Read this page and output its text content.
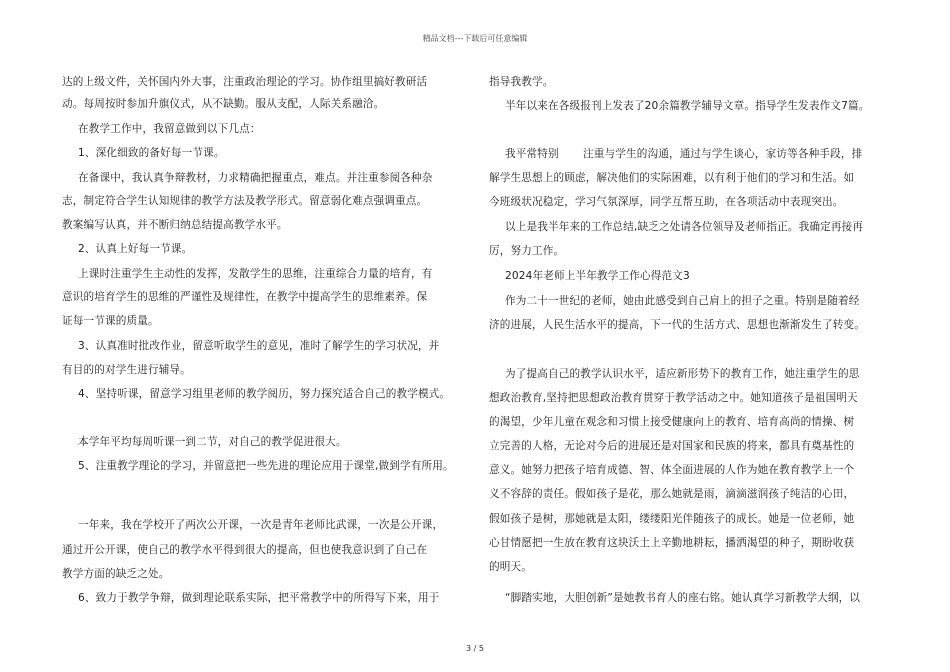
精品文档---下载后可任意编辑
达的上级文件，关怀国内外大事，注重政治理论的学习。协作组里搞好教研活
动。每周按时参加升旗仪式，从不缺勤。服从支配，人际关系融洽。
在教学工作中，我留意做到以下几点：
1、深化细致的备好每一节课。
在备课中，我认真争辩教材，力求精确把握重点，难点。并注重参阅各种杂
志，制定符合学生认知规律的教学方法及教学形式。留意弱化难点强调重点。
教案编写认真，并不断归纳总结提高教学水平。
2、认真上好每一节课。
上课时注重学生主动性的发挥，发散学生的思维，注重综合力量的培育，有
意识的培育学生的思维的严谨性及规律性，在教学中提高学生的思维素养。保
证每一节课的质量。
3、认真准时批改作业，留意听取学生的意见，准时了解学生的学习状况，并
有目的的对学生进行辅导。
4、坚持听课，留意学习组里老师的教学阅历，努力探究适合自己的教学模式。
本学年平均每周听课一到二节，对自己的教学促进很大。
5、注重教学理论的学习，并留意把一些先进的理论应用于课堂,做到学有所用。
一年来，我在学校开了两次公开课，一次是青年老师比武课，一次是公开课，
通过开公开课，使自己的教学水平得到很大的提高，但也使我意识到了自己在
教学方面的缺乏之处。
6、致力于教学争辩，做到理论联系实际，把平常教学中的所得写下来，用于
指导我教学。
半年以来在各级报刊上发表了20余篇教学辅导文章。指导学生发表作文7篇。
我平常特别 注重与学生的沟通，通过与学生谈心，家访等各种手段，排
解学生思想上的顾虑，解决他们的实际困难，以有利于他们的学习和生活。如
今班级状况稳定，学习气氛深厚，同学互帮互助，在各项活动中表现突出。
以上是我半年来的工作总结,缺乏之处请各位领导及老师指正。我确定再接再
厉，努力工作。
2024年老师上半年教学工作心得范文3
作为二十一世纪的老师，她由此感受到自己肩上的担子之重。特别是随着经
济的进展，人民生活水平的提高，下一代的生活方式、思想也渐渐发生了转变。
为了提高自己的教学认识水平，适应新形势下的教育工作，她注重学生的思
想政治教育,坚持把思想政治教育贯穿于教学活动之中。她知道孩子是祖国明天
的渴望，少年儿童在观念和习惯上接受健康向上的教育、培育高尚的情操、树
立完善的人格，无论对今后的进展还是对国家和民族的将来，都具有奠基性的
意义。她努力把孩子培育成德、智、体全面进展的人作为她在教育教学上一个
义不容辞的责任。假如孩子是花，那么她就是雨，滴滴滋润孩子纯洁的心田，
假如孩子是树，那她就是太阳，缕缕阳光伴随孩子的成长。她是一位老师，她
心甘情愿把一生放在教育这块沃土上辛勤地耕耘，播洒渴望的种子，期盼收获
的明天。
“脚踏实地，大胆创新”是她教书育人的座右铭。她认真学习新教学大纲，以
3 / 5
